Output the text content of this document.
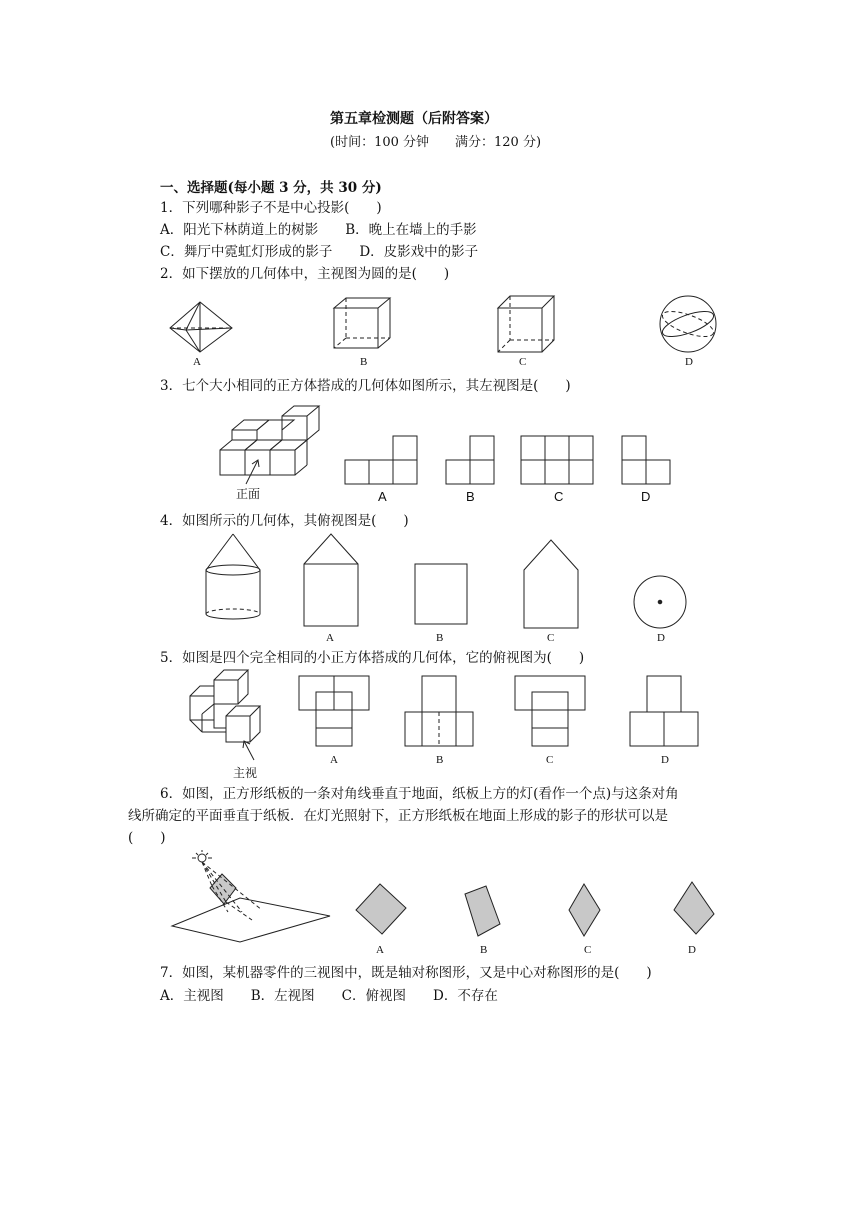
第五章检测题（后附答案）
(时间：100 分钟　　满分：120 分)
一、选择题(每小题 3 分，共 30 分)
1．下列哪种影子不是中心投影(　　)
A．阳光下林荫道上的树影　　B．晚上在墙上的手影
C．舞厅中霓虹灯形成的影子　　D．皮影戏中的影子
2．如下摆放的几何体中，主视图为圆的是(　　)
A	B	C	D
3．七个大小相同的正方体搭成的几何体如图所示，其左视图是(　　)
正面	A	B	C	D
4．如图所示的几何体，其俯视图是(　　)
A	B	C	D
5．如图是四个完全相同的小正方体搭成的几何体，它的俯视图为(　　)
主视
A	B	C	D
6．如图，正方形纸板的一条对角线垂直于地面，纸板上方的灯(看作一个点)与这条对角
线所确定的平面垂直于纸板．在灯光照射下，正方形纸板在地面上形成的影子的形状可以是
(　　)
A	B	C	D
7．如图，某机器零件的三视图中，既是轴对称图形，又是中心对称图形的是(　　)
A．主视图　　B．左视图　　C．俯视图　　D．不存在
